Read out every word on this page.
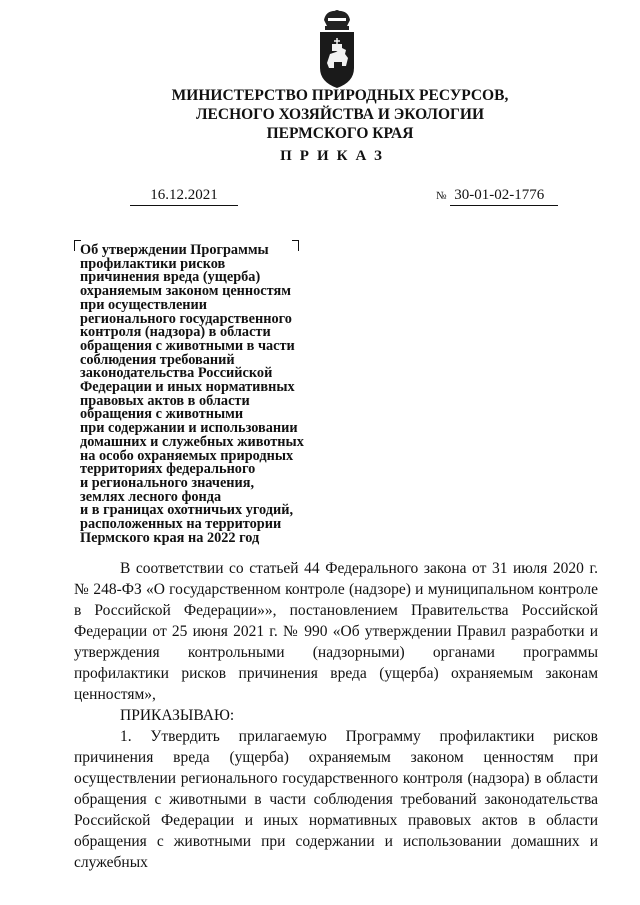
МИНИСТЕРСТВО ПРИРОДНЫХ РЕСУРСОВ,
ЛЕСНОГО ХОЗЯЙСТВА И ЭКОЛОГИИ
ПЕРМСКОГО КРАЯ
ПРИКАЗ
16.12.2021	№ 30-01-02-1776

Об утверждении Программы
профилактики рисков
причинения вреда (ущерба)
охраняемым законом ценностям
при осуществлении
регионального государственного
контроля (надзора) в области
обращения с животными в части
соблюдения требований
законодательства Российской
Федерации и иных нормативных
правовых актов в области
обращения с животными
при содержании и использовании
домашних и служебных животных
на особо охраняемых природных
территориях федерального
и регионального значения,
землях лесного фонда
и в границах охотничьих угодий,
расположенных на территории
Пермского края на 2022 год

В соответствии со статьей 44 Федерального закона от 31 июля 2020 г. № 248-ФЗ «О государственном контроле (надзоре) и муниципальном контроле в Российской Федерации»», постановлением Правительства Российской Федерации от 25 июня 2021 г. № 990 «Об утверждении Правил разработки и утверждения контрольными (надзорными) органами программы профилактики рисков причинения вреда (ущерба) охраняемым законам ценностям»,

ПРИКАЗЫВАЮ:

1. Утвердить прилагаемую Программу профилактики рисков причинения вреда (ущерба) охраняемым законом ценностям при осуществлении регионального государственного контроля (надзора) в области обращения с животными в части соблюдения требований законодательства Российской Федерации и иных нормативных правовых актов в области обращения с животными при содержании и использовании домашних и служебных
